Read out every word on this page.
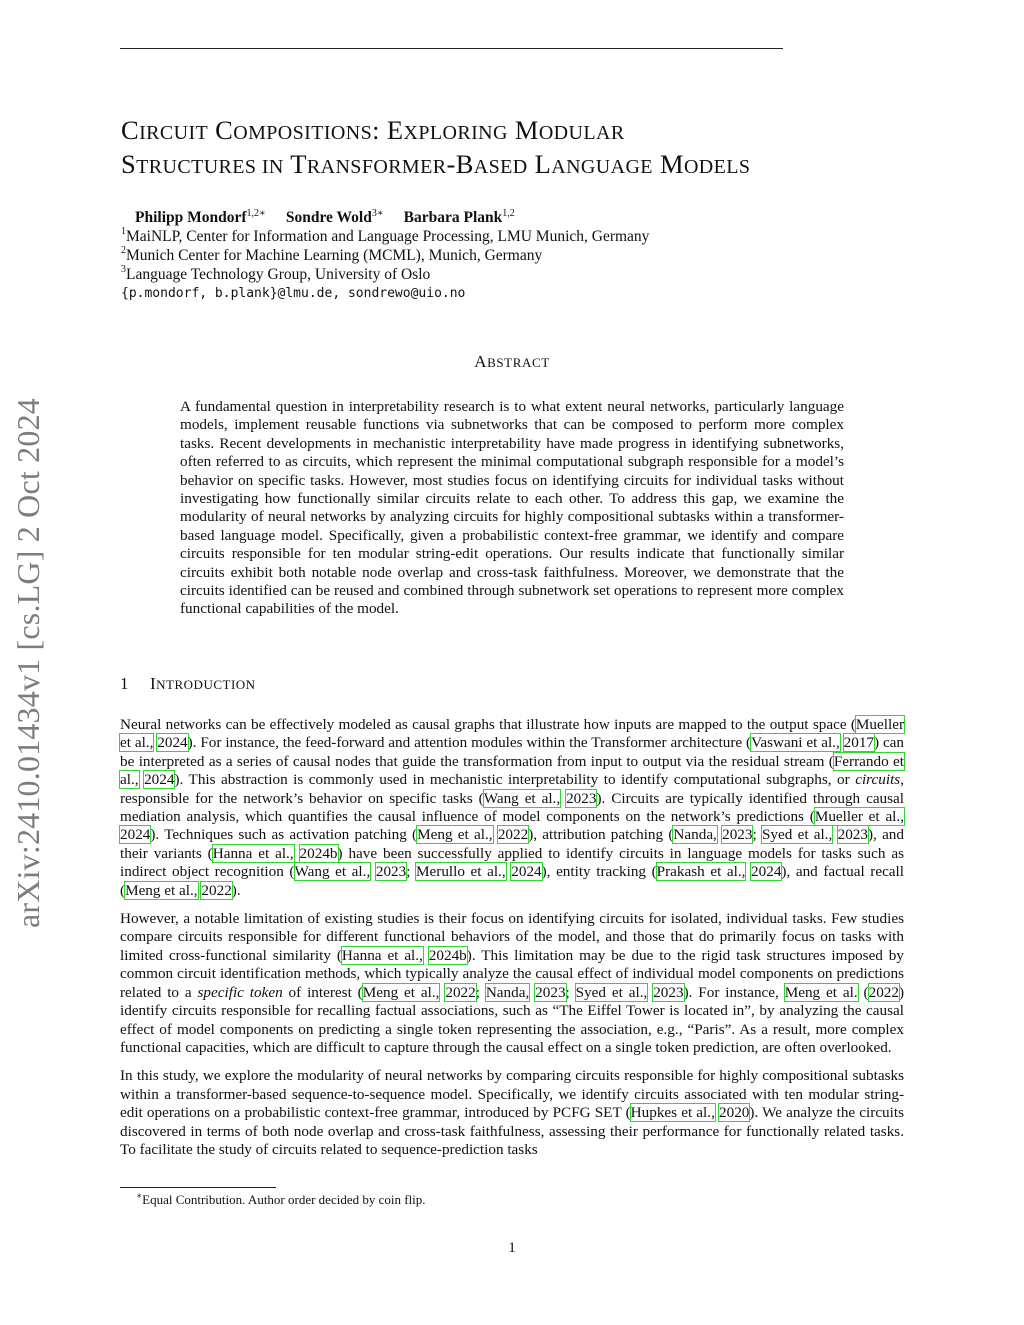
arXiv:2410.01434v1 [cs.LG] 2 Oct 2024
CIRCUIT COMPOSITIONS: EXPLORING MODULAR
STRUCTURES IN TRANSFORMER-BASED LANGUAGE MODELS
Philipp Mondorf$^{1,2∗}$ Sondre Wold$^{3∗}$ Barbara Plank$^{1,2}$
$^1$MaiNLP, Center for Information and Language Processing, LMU Munich, Germany
$^2$Munich Center for Machine Learning (MCML), Munich, Germany
$^3$Language Technology Group, University of Oslo
{p.mondorf, b.plank}@lmu.de, sondrewo@uio.no
ABSTRACT
A fundamental question in interpretability research is to what extent neural networks, particularly language models, implement reusable functions via subnetworks that can be composed to perform more complex tasks. Recent developments in mechanistic interpretability have made progress in identifying subnetworks, often referred to as circuits, which represent the minimal computational subgraph responsible for a model’s behavior on specific tasks. However, most studies focus on identifying circuits for individual tasks without investigating how functionally similar circuits relate to each other. To address this gap, we examine the modularity of neural networks by analyzing circuits for highly compositional subtasks within a transformer-based language model. Specifically, given a probabilistic context-free grammar, we identify and compare circuits responsible for ten modular string-edit operations. Our results indicate that functionally similar circuits exhibit both notable node overlap and cross-task faithfulness. Moreover, we demonstrate that the circuits identified can be reused and combined through subnetwork set operations to represent more complex functional capabilities of the model.
1 INTRODUCTION

Neural networks can be effectively modeled as causal graphs that illustrate how inputs are mapped to the output space (Mueller et al., 2024). For instance, the feed-forward and attention modules within the Transformer architecture (Vaswani et al., 2017) can be interpreted as a series of causal nodes that guide the transformation from input to output via the residual stream (Ferrando et al., 2024). This abstraction is commonly used in mechanistic interpretability to identify computational subgraphs, or circuits, responsible for the network’s behavior on specific tasks (Wang et al., 2023). Circuits are typically identified through causal mediation analysis, which quantifies the causal influence of model components on the network’s predictions (Mueller et al., 2024). Techniques such as activation patching (Meng et al., 2022), attribution patching (Nanda, 2023; Syed et al., 2023), and their variants (Hanna et al., 2024b) have been successfully applied to identify circuits in language models for tasks such as indirect object recognition (Wang et al., 2023; Merullo et al., 2024), entity tracking (Prakash et al., 2024), and factual recall (Meng et al., 2022).

However, a notable limitation of existing studies is their focus on identifying circuits for isolated, individual tasks. Few studies compare circuits responsible for different functional behaviors of the model, and those that do primarily focus on tasks with limited cross-functional similarity (Hanna et al., 2024b). This limitation may be due to the rigid task structures imposed by common circuit identification methods, which typically analyze the causal effect of individual model components on predictions related to a specific token of interest (Meng et al., 2022; Nanda, 2023; Syed et al., 2023). For instance, Meng et al. (2022) identify circuits responsible for recalling factual associations, such as “The Eiffel Tower is located in”, by analyzing the causal effect of model components on predicting a single token representing the association, e.g., “Paris”. As a result, more complex functional capacities, which are difficult to capture through the causal effect on a single token prediction, are often overlooked.

In this study, we explore the modularity of neural networks by comparing circuits responsible for highly compositional subtasks within a transformer-based sequence-to-sequence model. Specifically, we identify circuits associated with ten modular string-edit operations on a probabilistic context-free grammar, introduced by PCFG SET (Hupkes et al., 2020). We analyze the circuits discovered in terms of both node overlap and cross-task faithfulness, assessing their performance for functionally related tasks. To facilitate the study of circuits related to sequence-prediction tasks

∗Equal Contribution. Author order decided by coin flip.
1
